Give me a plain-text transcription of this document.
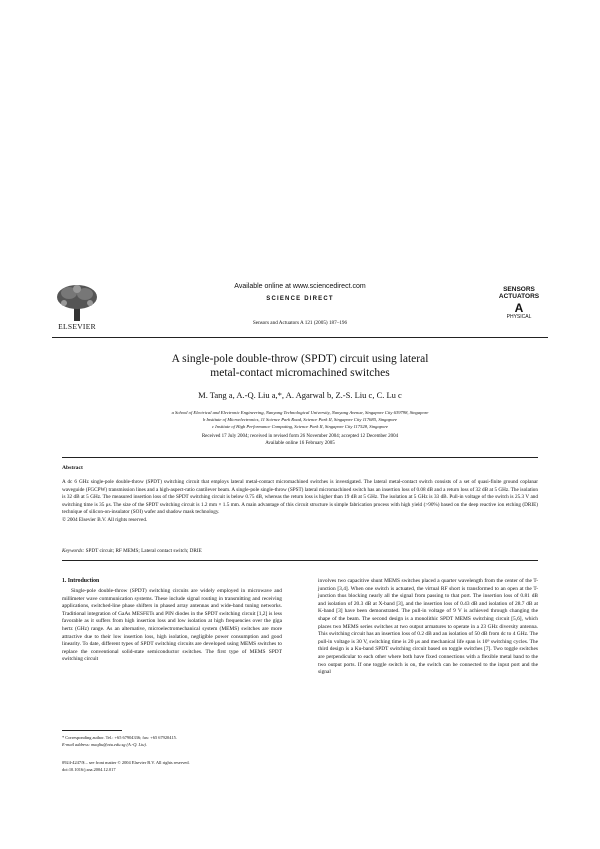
ELSEVIER
Available online at www.sciencedirect.com
SCIENCE DIRECT
Sensors and Actuators A 121 (2005) 187–196
SENSORS
ACTUATORS
A
PHYSICAL
A single-pole double-throw (SPDT) circuit using lateral
metal-contact micromachined switches
M. Tang a, A.-Q. Liu a,*, A. Agarwal b, Z.-S. Liu c, C. Lu c
a School of Electrical and Electronic Engineering, Nanyang Technological University, Nanyang Avenue, Singapore City 639798, Singapore
b Institute of Microelectronics, 11 Science Park Road, Science Park II, Singapore City 117685, Singapore
c Institute of High Performance Computing, Science Park II, Singapore City 117528, Singapore
Received 17 July 2004; received in revised form 26 November 2004; accepted 12 December 2004
Available online 16 February 2005
Abstract
A dc 6 GHz single-pole double-throw (SPDT) switching circuit that employs lateral metal-contact micromachined switches is investigated. The lateral metal-contact switch consists of a set of quasi-finite ground coplanar waveguide (FGCPW) transmission lines and a high-aspect-ratio cantilever beam. A single-pole single-throw (SPST) lateral micromachined switch has an insertion loss of 0.08 dB and a return loss of 32 dB at 5 GHz. The isolation is 32 dB at 5 GHz. The measured insertion loss of the SPDT switching circuit is below 0.75 dB, whereas the return loss is higher than 19 dB at 5 GHz. The isolation at 5 GHz is 33 dB. Pull-in voltage of the switch is 25.3 V and switching time is 35 μs. The size of the SPDT switching circuit is 1.2 mm × 1.5 mm. A main advantage of this circuit structure is simple fabrication process with high yield (>90%) based on the deep reactive ion etching (DRIE) technique of silicon-on-insulator (SOI) wafer and shadow mask technology.
© 2004 Elsevier B.V. All rights reserved.
Keywords: SPDT circuit; RF MEMS; Lateral contact switch; DRIE
1. Introduction
Single-pole double-throw (SPDT) switching circuits are widely employed in microwave and millimeter wave communication systems. These include signal routing in transmitting and receiving applications, switched-line phase shifters in phased array antennas and wide-band tuning networks. Traditional integration of GaAs MESFETs and PIN diodes in the SPDT switching circuit [1,2] is less favorable as it suffers from high insertion loss and low isolation at high frequencies over the giga hertz (GHz) range. As an alternative, microelectromechanical system (MEMS) switches are more attractive due to their low insertion loss, high isolation, negligible power consumption and good linearity. To date, different types of SPDT switching circuits are developed using MEMS switches to replace the conventional solid-state semiconductor switches. The first type of MEMS SPDT switching circuit
involves two capacitive shunt MEMS switches placed a quarter wavelength from the center of the T-junction [3,4]. When one switch is actuated, the virtual RF short is transformed to an open at the T-junction thus blocking nearly all the signal from passing to that port. The insertion loss of 0.81 dB and isolation of 20.3 dB at X-band [3], and the insertion loss of 0.43 dB and isolation of 28.7 dB at K-band [3] have been demonstrated. The pull-in voltage of 9 V is achieved through changing the shape of the beam. The second design is a monolithic SPDT MEMS switching circuit [5,6], which places two MEMS series switches at two output armatures to operate in a 23 GHz diversity antenna. This switching circuit has an insertion loss of 0.2 dB and an isolation of 50 dB from dc to 4 GHz. The pull-in voltage is 30 V, switching time is 20 μs and mechanical life span is 10⁹ switching cycles. The third design is a Ku-band SPDT switching circuit based on toggle switches [7]. Two toggle switches are perpendicular to each other where both have fixed connections with a flexible metal band to the two output ports. If one toggle switch is on, the switch can be connected to the input port and the signal
* Corresponding author. Tel.: +65 67904336; fax: +65 67920415.
E-mail address: maqliu@ntu.edu.sg (A.-Q. Liu).
0924-4247/$ – see front matter © 2004 Elsevier B.V. All rights reserved.
doi:10.1016/j.sna.2004.12.017
